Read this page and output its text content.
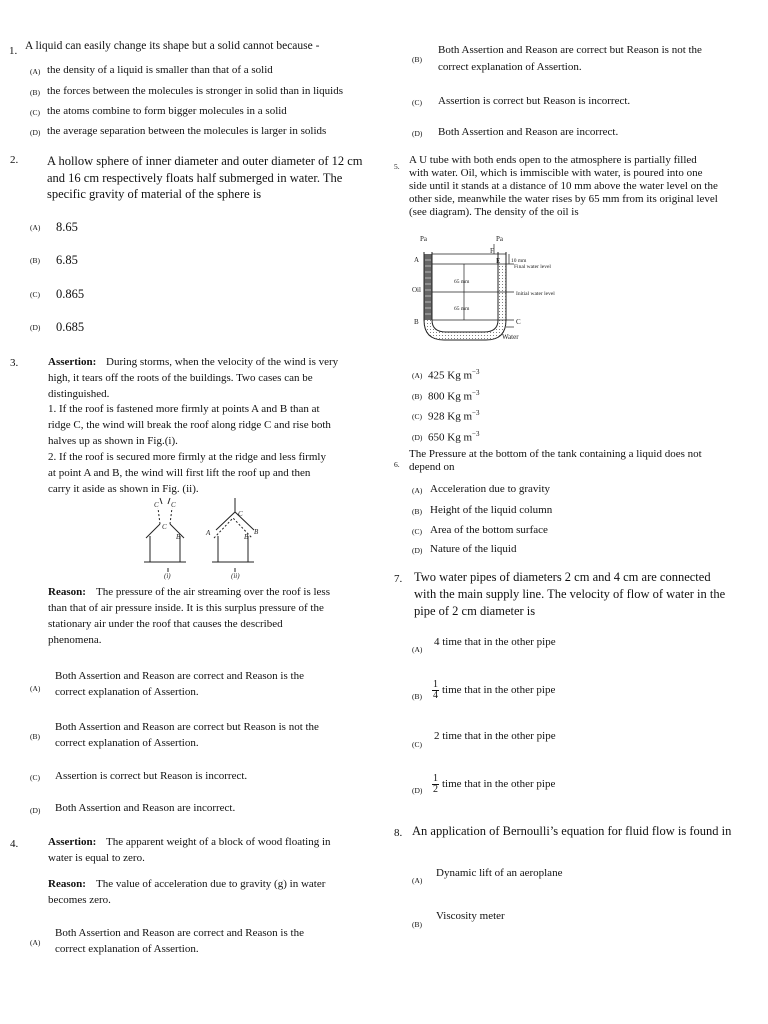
1. A liquid can easily change its shape but a solid cannot because -
(A) the density of a liquid is smaller than that of a solid
(B) the forces between the molecules is stronger in solid than in liquids
(C) the atoms combine to form bigger molecules in a solid
(D) the average separation between the molecules is larger in solids
2. A hollow sphere of inner diameter and outer diameter of 12 cm
and 16 cm respectively floats half submerged in water. The
specific gravity of material of the sphere is
(A) 8.65
(B) 6.85
(C) 0.865
(D) 0.685
3.	Assertion: During storms, when the velocity of the wind is very
high, it tears off the roots of the buildings. Two cases can be
distinguished.
1. If the roof is fastened more firmly at points A and B than at
ridge C, the wind will break the roof along ridge C and rise both
halves up as shown in Fig.(i).
2. If the roof is secured more firmly at the ridge and less firmly
at point A and B, the wind will first lift the roof up and then
carry it aside as shown in Fig. (ii).
C C
C
B	A
C
B
B
(i)	(ii)
Reason: The pressure of the air streaming over the roof is less
than that of air pressure inside. It is this surplus pressure of the
stationary air under the roof that causes the described
phenomena.
(A)
Both Assertion and Reason are correct and Reason is the
correct explanation of Assertion.
(B)
Both Assertion and Reason are correct but Reason is not the
correct explanation of Assertion.
(C) Assertion is correct but Reason is incorrect.
(D) Both Assertion and Reason are incorrect.
4.	Assertion: The apparent weight of a block of wood floating in
water is equal to zero.
Reason: The value of acceleration due to gravity (g) in water
becomes zero.
(A)
Both Assertion and Reason are correct and Reason is the
correct explanation of Assertion.
(B)
Both Assertion and Reason are correct but Reason is not the
correct explanation of Assertion.
(C) Assertion is correct but Reason is incorrect.
(D) Both Assertion and Reason are incorrect.
5.
A U tube with both ends open to the atmosphere is partially filled
with water. Oil, which is immiscible with water, is poured into one
side until it stands at a distance of 10 mm above the water level on the
other side, meanwhile the water rises by 65 mm from its original level
(see diagram). The density of the oil is
Pa	Pa
A
B	C
E
F
Oil
Water
10 mm
Final water level
Initial water level
65 mm
65 mm
(A) 425 Kg $m^{-3}$
(B) 800 Kg $m^{-3}$
(C) 928 Kg $m^{-3}$
(D) 650 Kg $m^{-3}$
6.
The Pressure at the bottom of the tank containing a liquid does not
depend on
(A) Acceleration due to gravity
(B) Height of the liquid column
(C) Area of the bottom surface
(D) Nature of the liquid
7. Two water pipes of diameters 2 cm and 4 cm are connected
with the main supply line. The velocity of flow of water in the
pipe of 2 cm diameter is
(A)
4 time that in the other pipe
$(B) \frac{1}{4}$ time that in the other pipe
(C)
2 time that in the other pipe
$(D) \frac{1}{2}$ time that in the other pipe
8. An application of Bernoulli’s equation for fluid flow is found in
(A)
Dynamic lift of an aeroplane
(B)
Viscosity meter
